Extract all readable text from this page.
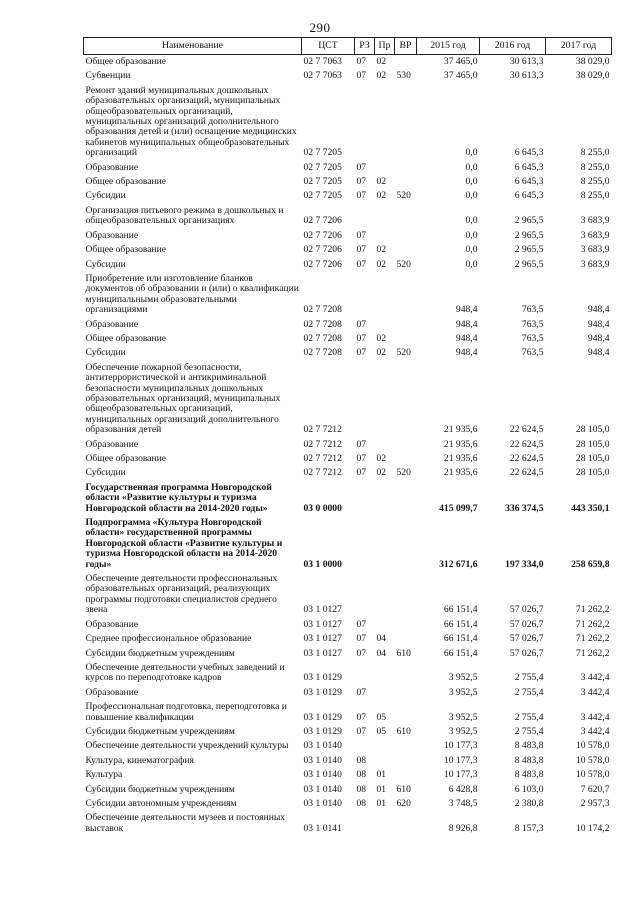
290
Наименование	ЦСТ	РЗ	Пр	ВР	2015 год	2016 год	2017 год
Общее образование	02 7 7063	07	02		37 465,0	30 613,3	38 029,0
Субвенции	02 7 7063	07	02	530	37 465,0	30 613,3	38 029,0
Ремонт зданий муниципальных дошкольных образовательных организаций, муниципальных общеобразовательных организаций, муниципальных организаций дополнительного образования детей и (или) оснащение медицинских кабинетов муниципальных общеобразовательных организаций	02 7 7205				0,0	6 645,3	8 255,0
Образование	02 7 7205	07			0,0	6 645,3	8 255,0
Общее образование	02 7 7205	07	02		0,0	6 645,3	8 255,0
Субсидии	02 7 7205	07	02	520	0,0	6 645,3	8 255,0
Организация питьевого режима в дошкольных и общеобразовательных организациях	02 7 7206				0,0	2 965,5	3 683,9
Образование	02 7 7206	07			0,0	2 965,5	3 683,9
Общее образование	02 7 7206	07	02		0,0	2 965,5	3 683,9
Субсидии	02 7 7206	07	02	520	0,0	2 965,5	3 683,9
Приобретение или изготовление бланков документов об образовании и (или) о квалификации муниципальными образовательными организациями	02 7 7208				948,4	763,5	948,4
Образование	02 7 7208	07			948,4	763,5	948,4
Общее образование	02 7 7208	07	02		948,4	763,5	948,4
Субсидии	02 7 7208	07	02	520	948,4	763,5	948,4
Обеспечение пожарной безопасности, антитеррористической и антикриминальной безопасности муниципальных дошкольных образовательных организаций, муниципальных общеобразовательных организаций, муниципальных организаций дополнительного образования детей	02 7 7212				21 935,6	22 624,5	28 105,0
Образование	02 7 7212	07			21 935,6	22 624,5	28 105,0
Общее образование	02 7 7212	07	02		21 935,6	22 624,5	28 105,0
Субсидии	02 7 7212	07	02	520	21 935,6	22 624,5	28 105,0
Государственная программа Новгородской области «Развитие культуры и туризма Новгородской области на 2014-2020 годы»	03 0 0000				415 099,7	336 374,5	443 350,1
Подпрограмма «Культура Новгородской области» государственной программы Новгородской области «Развитие культуры и туризма Новгородской области на 2014-2020 годы»	03 1 0000				312 671,6	197 334,0	258 659,8
Обеспечение деятельности профессиональных образовательных организаций, реализующих программы подготовки специалистов среднего звена	03 1 0127				66 151,4	57 026,7	71 262,2
Образование	03 1 0127	07			66 151,4	57 026,7	71 262,2
Среднее профессиональное образование	03 1 0127	07	04		66 151,4	57 026,7	71 262,2
Субсидии бюджетным учреждениям	03 1 0127	07	04	610	66 151,4	57 026,7	71 262,2
Обеспечение деятельности учебных заведений и курсов по переподготовке кадров	03 1 0129				3 952,5	2 755,4	3 442,4
Образование	03 1 0129	07			3 952,5	2 755,4	3 442,4
Профессиональная подготовка, переподготовка и повышение квалификации	03 1 0129	07	05		3 952,5	2 755,4	3 442,4
Субсидии бюджетным учреждениям	03 1 0129	07	05	610	3 952,5	2 755,4	3 442,4
Обеспечение деятельности учреждений культуры	03 1 0140				10 177,3	8 483,8	10 578,0
Культура, кинематография	03 1 0140	08			10 177,3	8 483,8	10 578,0
Культура	03 1 0140	08	01		10 177,3	8 483,8	10 578,0
Субсидии бюджетным учреждениям	03 1 0140	08	01	610	6 428,8	6 103,0	7 620,7
Субсидии автономным учреждениям	03 1 0140	08	01	620	3 748,5	2 380,8	2 957,3
Обеспечение деятельности музеев и постоянных выставок	03 1 0141				8 926,8	8 157,3	10 174,2
